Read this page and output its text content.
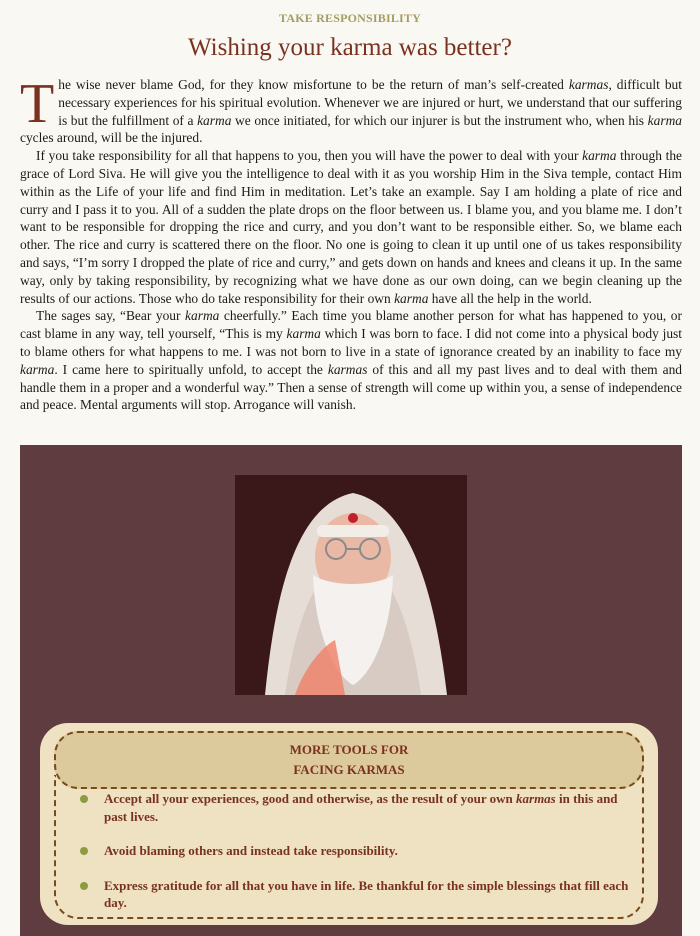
TAKE RESPONSIBILITY
Wishing your karma was better?

T he wise never blame God, for they know misfortune to be the return of man’s self-created karmas, difficult but necessary experiences for his spiritual evolution. Whenever we are injured or hurt, we understand that our suffering is but the fulfillment of a karma we once initiated, for which our injurer is but the instrument who, when his karma cycles around, will be the injured.

If you take responsibility for all that happens to you, then you will have the power to deal with your karma through the grace of Lord Siva. He will give you the intelligence to deal with it as you worship Him in the Siva temple, contact Him within as the Life of your life and find Him in meditation. Let’s take an example. Say I am holding a plate of rice and curry and I pass it to you. All of a sudden the plate drops on the floor between us. I blame you, and you blame me. I don’t want to be responsible for dropping the rice and curry, and you don’t want to be responsible either. So, we blame each other. The rice and curry is scattered there on the floor. No one is going to clean it up until one of us takes responsibility and says, “I’m sorry I dropped the plate of rice and curry,” and gets down on hands and knees and cleans it up. In the same way, only by taking responsibility, by recognizing what we have done as our own doing, can we begin cleaning up the results of our actions. Those who do take responsibility for their own karma have all the help in the world.

The sages say, “Bear your karma cheerfully.” Each time you blame another person for what has happened to you, or cast blame in any way, tell yourself, “This is my karma which I was born to face. I did not come into a physical body just to blame others for what happens to me. I was not born to live in a state of ignorance created by an inability to face my karma. I came here to spiritually unfold, to accept the karmas of this and all my past lives and to deal with them and handle them in a proper and a wonderful way.” Then a sense of strength will come up within you, a sense of independence and peace. Mental arguments will stop. Arrogance will vanish.

MORE TOOLS FOR
FACING KARMAS
Accept all your experiences, good and otherwise, as the result of your own karmas in this and past lives.
Avoid blaming others and instead take responsibility.
Express gratitude for all that you have in life. Be thankful for the simple blessings that fill each day.
